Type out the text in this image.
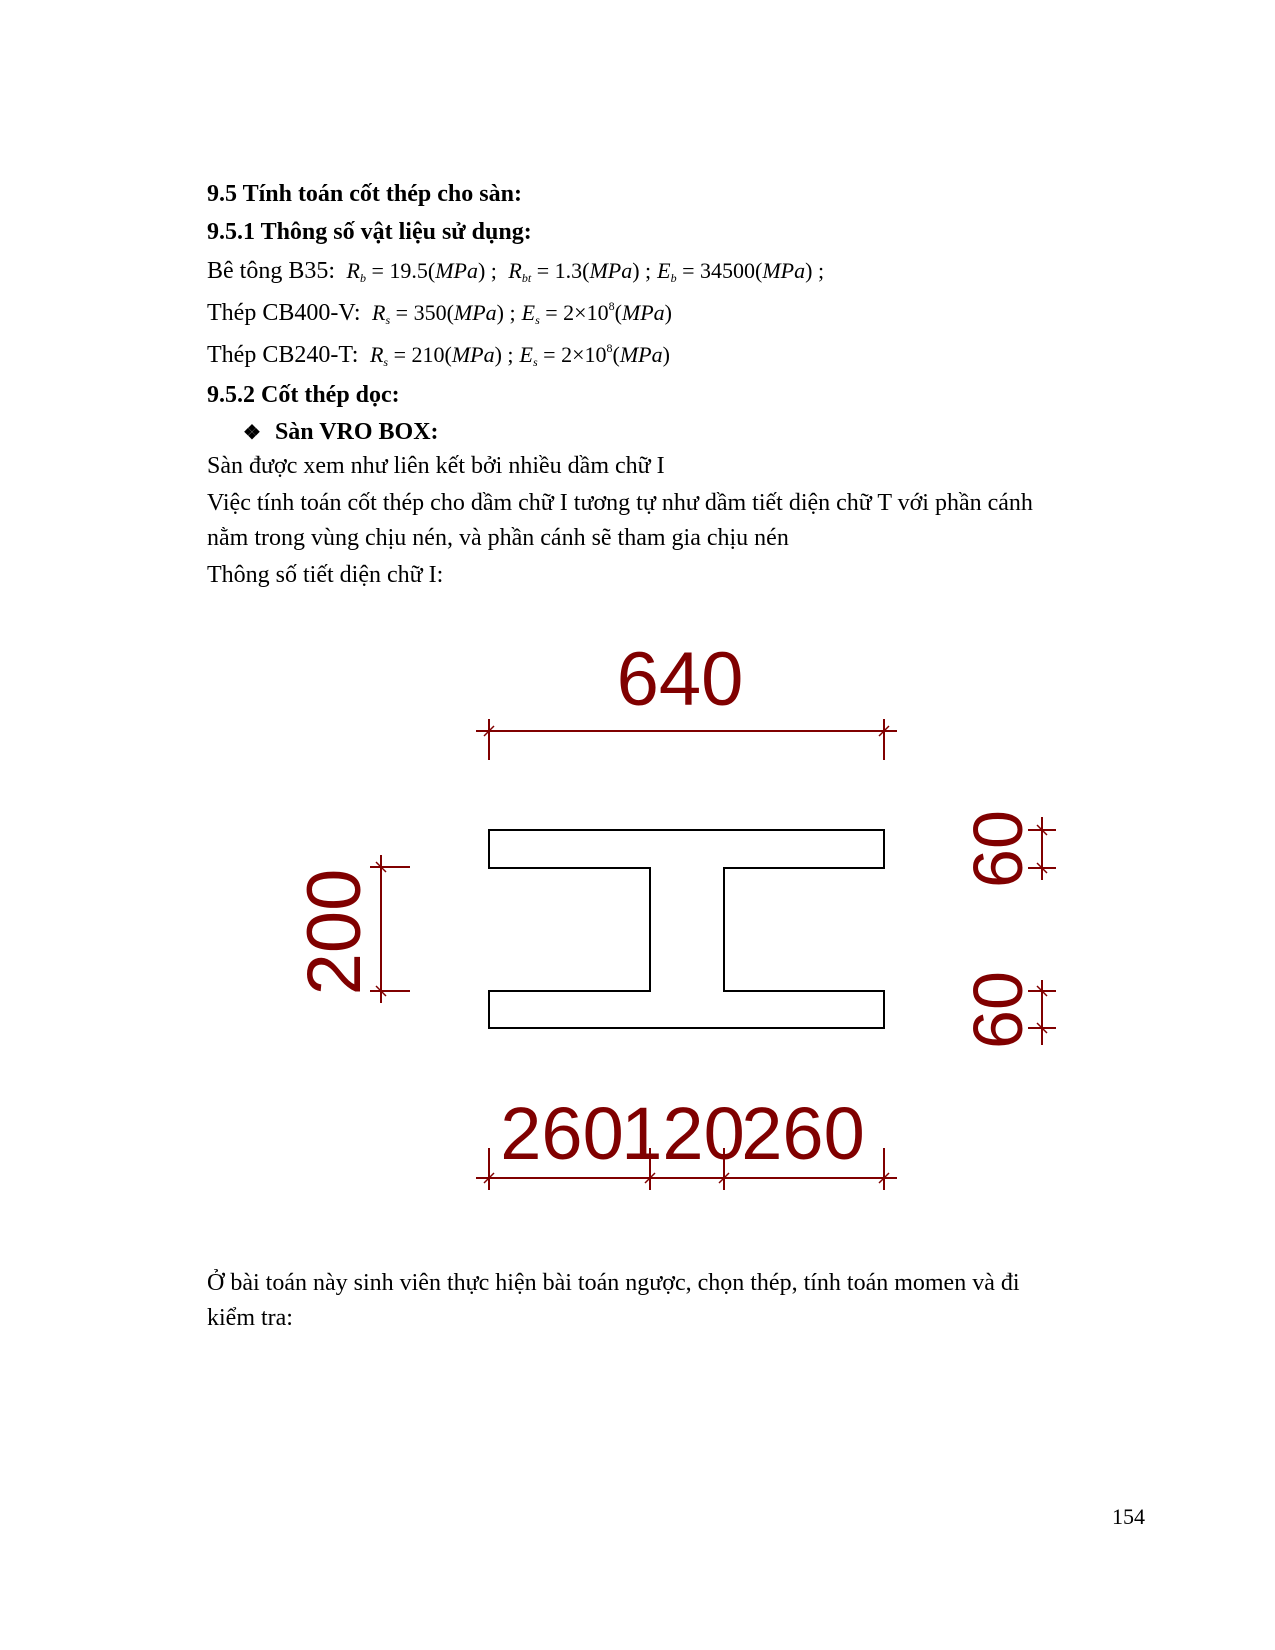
9.5 Tính toán cốt thép cho sàn:
9.5.1 Thông số vật liệu sử dụng:
Bê tông B35: $R_b = 19.5(MPa)$ ; $R_{bt} = 1.3(MPa)$ ; $E_b = 34500(MPa)$ ;
Thép CB400-V: $R_s = 350(MPa)$ ; $E_s = 2\times 10^8(MPa)$
Thép CB240-T: $R_s = 210(MPa)$ ; $E_s = 2\times 10^8(MPa)$
9.5.2 Cốt thép dọc:
❖ Sàn VRO BOX:
Sàn được xem như liên kết bởi nhiều dầm chữ I
Việc tính toán cốt thép cho dầm chữ I tương tự như dầm tiết diện chữ T với phần cánh
nằm trong vùng chịu nén, và phần cánh sẽ tham gia chịu nén
Thông số tiết diện chữ I:
640
200
60
60
260
120
260
Ở bài toán này sinh viên thực hiện bài toán ngược, chọn thép, tính toán momen và đi
kiểm tra:
154
